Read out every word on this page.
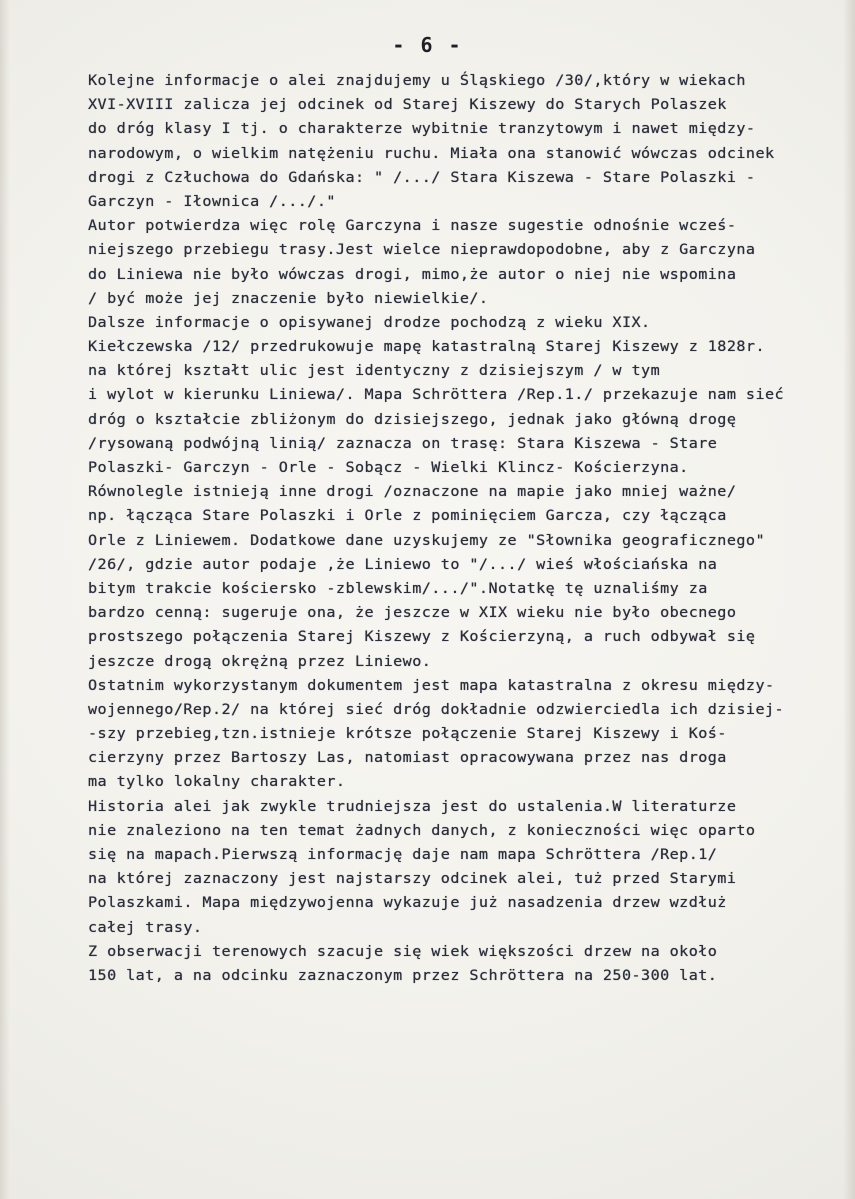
- 6 -
Kolejne informacje o alei znajdujemy u Śląskiego /30/,który w wiekach
XVI-XVIII zalicza jej odcinek od Starej Kiszewy do Starych Polaszek
do dróg klasy I tj. o charakterze wybitnie tranzytowym i nawet między-
narodowym, o wielkim natężeniu ruchu. Miała ona stanowić wówczas odcinek
drogi z Człuchowa do Gdańska: " /.../ Stara Kiszewa - Stare Polaszki -
Garczyn - Iłownica /.../."
Autor potwierdza więc rolę Garczyna i nasze sugestie odnośnie wcześ-
niejszego przebiegu trasy.Jest wielce nieprawdopodobne, aby z Garczyna
do Liniewa nie było wówczas drogi, mimo,że autor o niej nie wspomina
/ być może jej znaczenie było niewielkie/.
Dalsze informacje o opisywanej drodze pochodzą z wieku XIX.
Kiełczewska /12/ przedrukowuje mapę katastralną Starej Kiszewy z 1828r.
na której kształt ulic jest identyczny z dzisiejszym / w tym
i wylot w kierunku Liniewa/. Mapa Schröttera /Rep.1./ przekazuje nam sieć
dróg o kształcie zbliżonym do dzisiejszego, jednak jako główną drogę
/rysowaną podwójną linią/ zaznacza on trasę: Stara Kiszewa - Stare
Polaszki- Garczyn - Orle - Sobącz - Wielki Klincz- Kościerzyna.
Równolegle istnieją inne drogi /oznaczone na mapie jako mniej ważne/
np. łącząca Stare Polaszki i Orle z pominięciem Garcza, czy łącząca
Orle z Liniewem. Dodatkowe dane uzyskujemy ze "Słownika geograficznego"
/26/, gdzie autor podaje ,że Liniewo to "/.../ wieś włościańska na
bitym trakcie kościersko -zblewskim/.../".Notatkę tę uznaliśmy za
bardzo cenną: sugeruje ona, że jeszcze w XIX wieku nie było obecnego
prostszego połączenia Starej Kiszewy z Kościerzyną, a ruch odbywał się
jeszcze drogą okrężną przez Liniewo.
Ostatnim wykorzystanym dokumentem jest mapa katastralna z okresu między-
wojennego/Rep.2/ na której sieć dróg dokładnie odzwierciedla ich dzisiej-
-szy przebieg,tzn.istnieje krótsze połączenie Starej Kiszewy i Koś-
cierzyny przez Bartoszy Las, natomiast opracowywana przez nas droga
ma tylko lokalny charakter.
Historia alei jak zwykle trudniejsza jest do ustalenia.W literaturze
nie znaleziono na ten temat żadnych danych, z konieczności więc oparto
się na mapach.Pierwszą informację daje nam mapa Schröttera /Rep.1/
na której zaznaczony jest najstarszy odcinek alei, tuż przed Starymi
Polaszkami. Mapa międzywojenna wykazuje już nasadzenia drzew wzdłuż
całej trasy.
Z obserwacji terenowych szacuje się wiek większości drzew na około
150 lat, a na odcinku zaznaczonym przez Schröttera na 250-300 lat.
